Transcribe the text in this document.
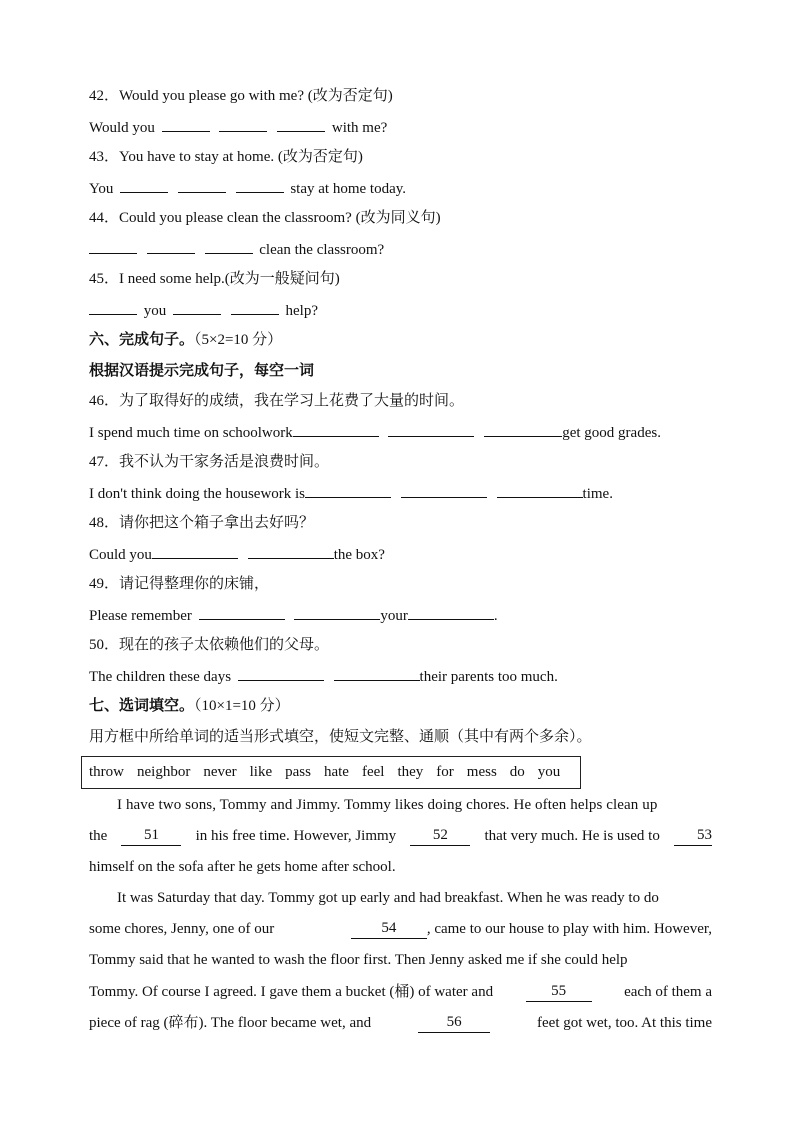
42．Would you please go with me? (改为否定句)
Would you	with me?
43．You have to stay at home. (改为否定句)
You	stay at home today.
44．Could you please clean the classroom? (改为同义句)
clean the classroom?
45．I need some help.(改为一般疑问句)
you	help?
六、完成句子。（5×2=10 分）
根据汉语提示完成句子，每空一词
46．为了取得好的成绩，我在学习上花费了大量的时间。
I spend much time on schoolwork	get good grades.
47．我不认为干家务活是浪费时间。
I don't think doing the housework is	time.
48．请你把这个箱子拿出去好吗？
Could you	the box?
49．请记得整理你的床铺，
Please remember	your	.
50．现在的孩子太依赖他们的父母。
The children these days	their parents too much.
七、选词填空。（10×1=10 分）
用方框中所给单词的适当形式填空，使短文完整、通顺（其中有两个多余）。
throw neighbor never like pass hate feel they for mess do you
I have two sons, Tommy and Jimmy. Tommy likes doing chores. He often helps clean up
the	51	in his free time. However, Jimmy	52	that very much. He is used to	53
himself on the sofa after he gets home after school.
It was Saturday that day. Tommy got up early and had breakfast. When he was ready to do
some chores, Jenny, one of our	54	, came to our house to play with him. However,
Tommy said that he wanted to wash the floor first. Then Jenny asked me if she could help
Tommy. Of course I agreed. I gave them a bucket (桶) of water and	55	each of them a
piece of rag (碎布). The floor became wet, and	56	feet got wet, too. At this time
